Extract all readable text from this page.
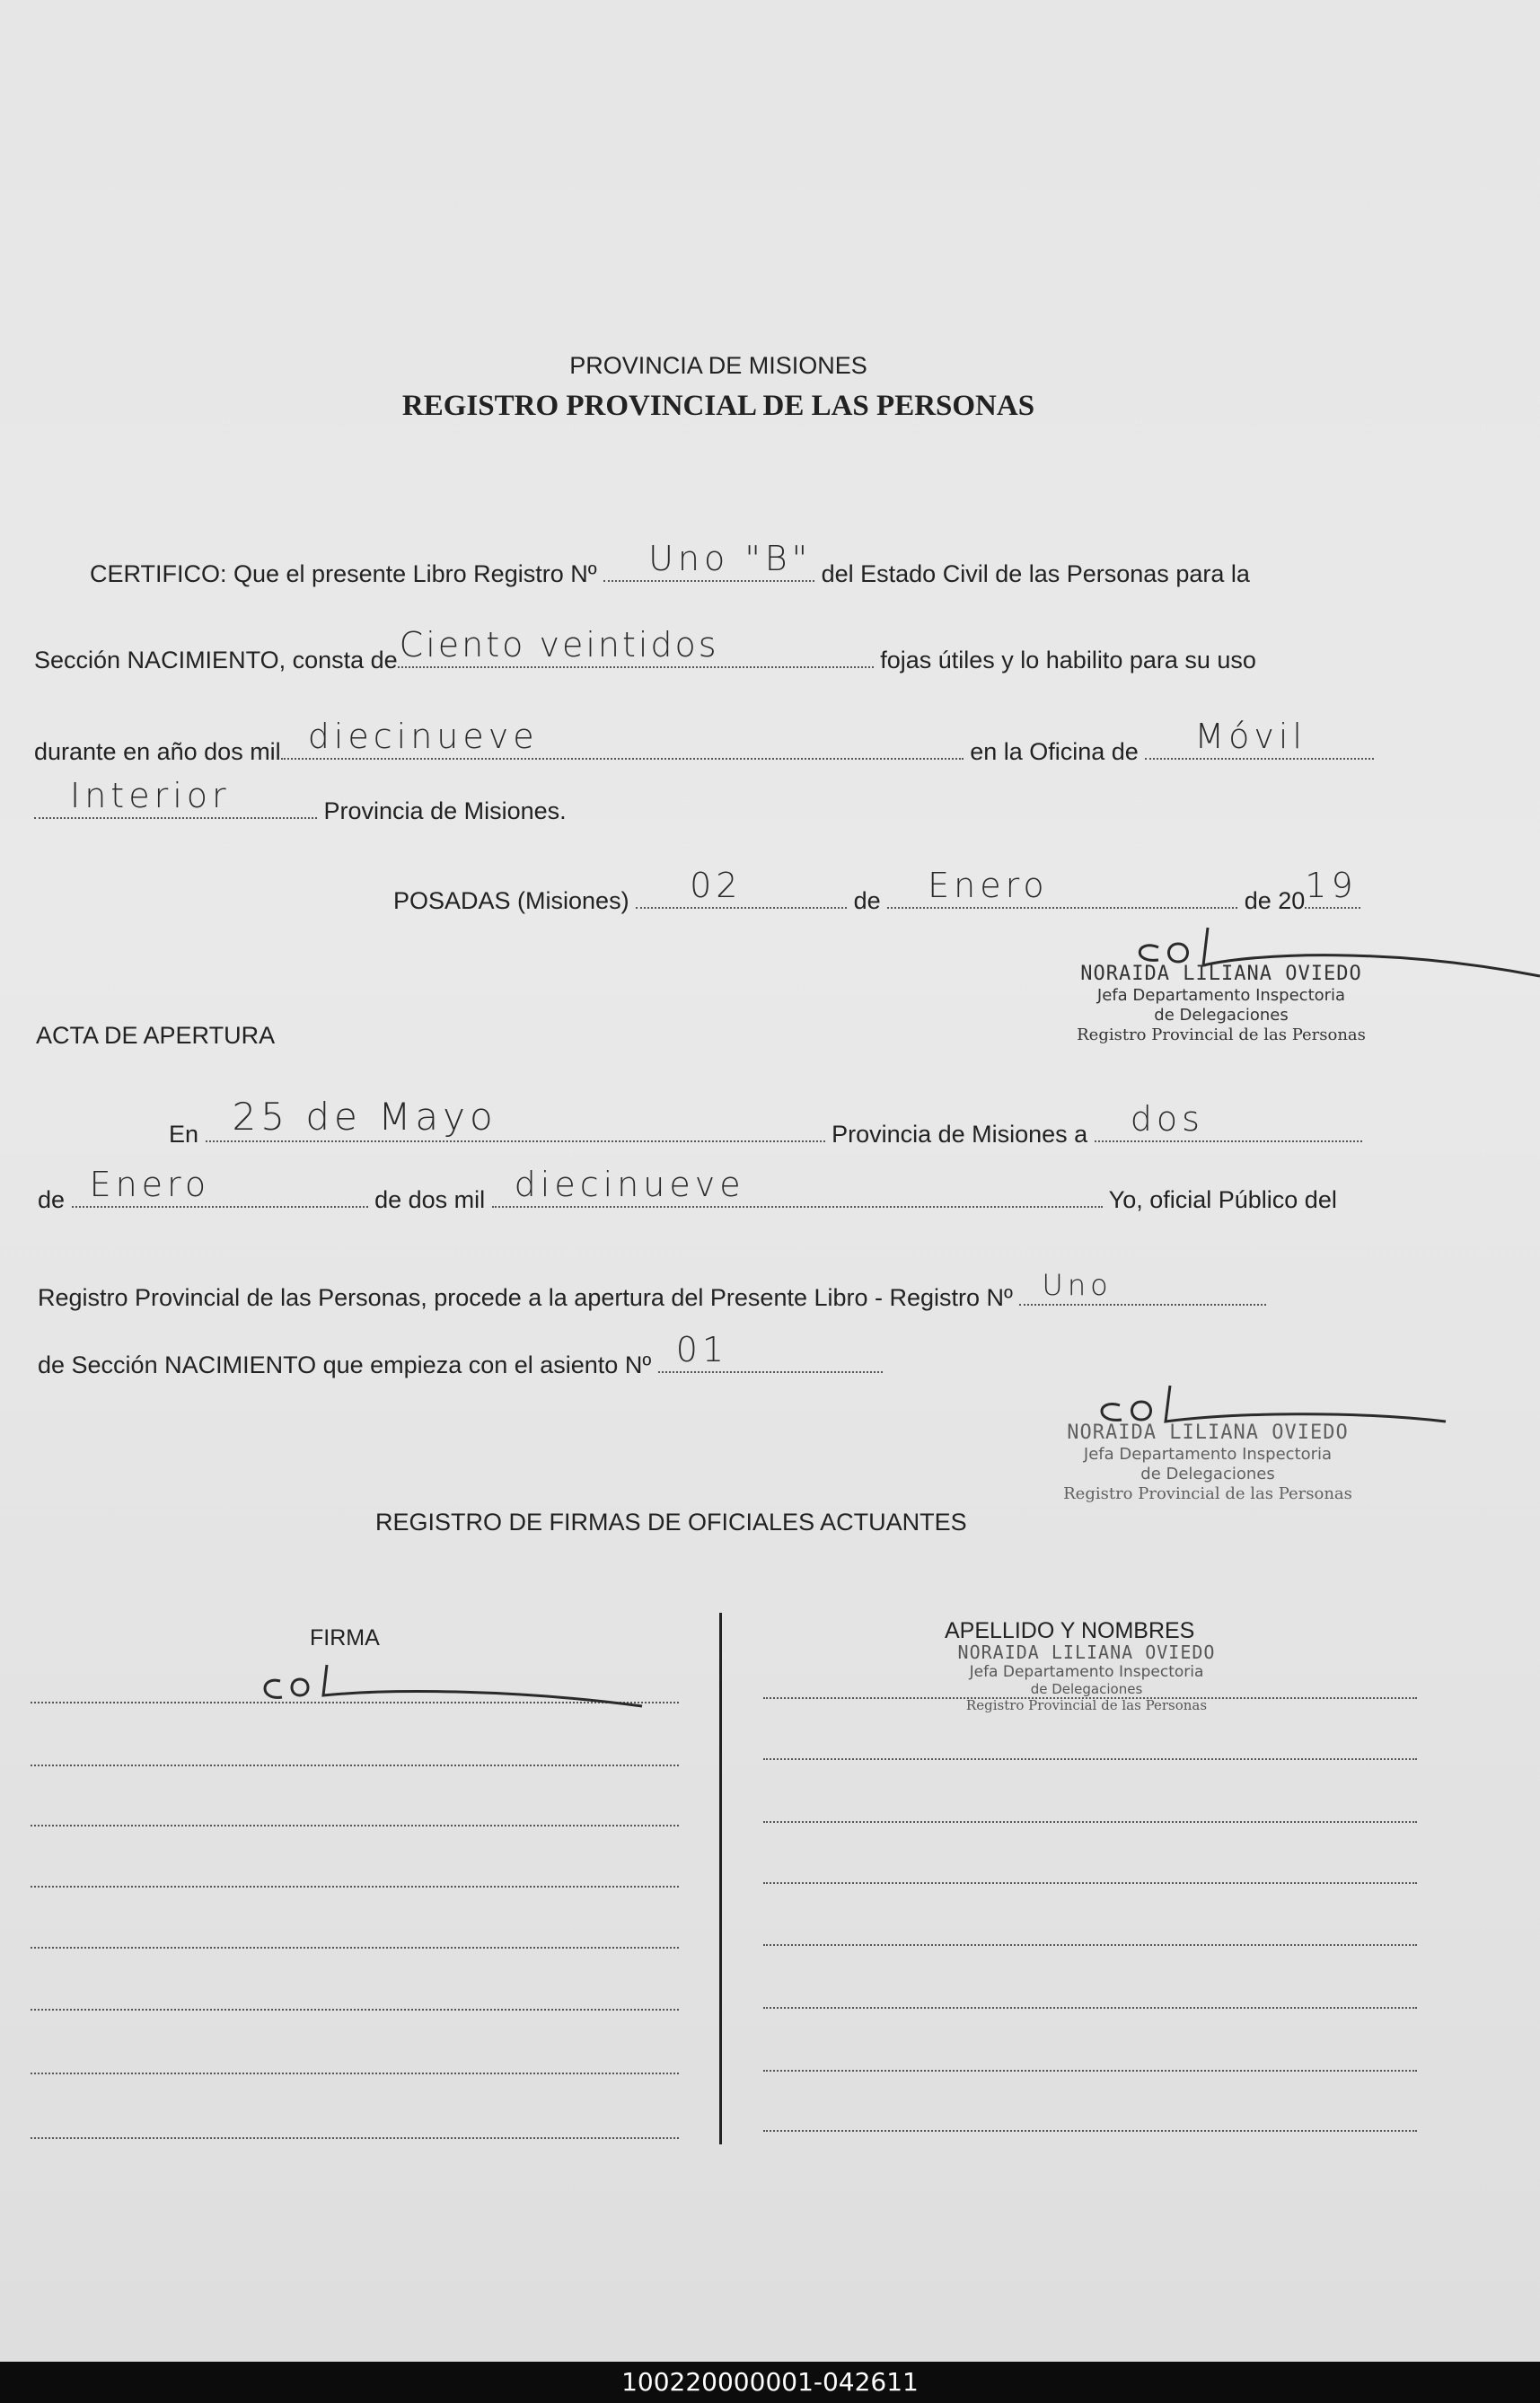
PROVINCIA DE MISIONES
REGISTRO PROVINCIAL DE LAS PERSONAS
CERTIFICO: Que el presente Libro Registro Nº Uno "B" del Estado Civil de las Personas para la
Sección NACIMIENTO, consta de Ciento veintidos	fojas útiles y lo habilito para su uso
durante en año dos mil diecinueve	en la Oficina de Móvil
Interior	Provincia de Misiones.
POSADAS (Misiones) 02	de Enero	de 20 19
NORAIDA LILIANA OVIEDO
Jefa Departamento Inspectoria
de Delegaciones
Registro Provincial de las Personas
ACTA DE APERTURA
En 25 de Mayo	Provincia de Misiones a dos
de Enero	de dos mil diecinueve	Yo, oficial Público del
Registro Provincial de las Personas, procede a la apertura del Presente Libro - Registro Nº Uno
de Sección NACIMIENTO que empieza con el asiento Nº 01
NORAIDA LILIANA OVIEDO
Jefa Departamento Inspectoria
de Delegaciones
Registro Provincial de las Personas
REGISTRO DE FIRMAS DE OFICIALES ACTUANTES
FIRMA	APELLIDO Y NOMBRES
NORAIDA LILIANA OVIEDO
Jefa Departamento Inspectoria
de Delegaciones
Registro Provincial de las Personas
100220000001-042611
